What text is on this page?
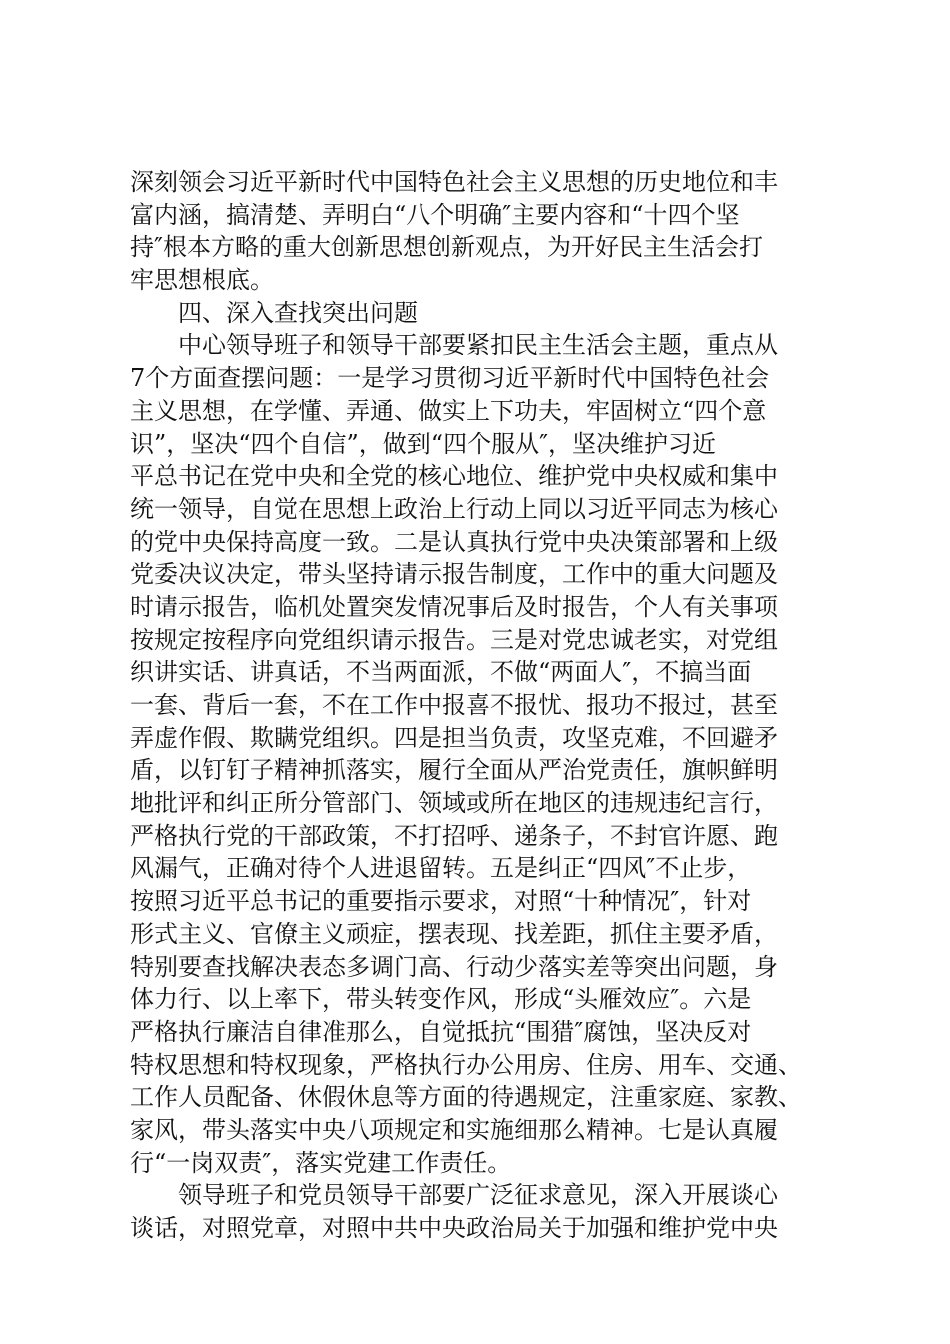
深刻领会习近平新时代中国特色社会主义思想的历史地位和丰
富内涵，搞清楚、弄明白“八个明确″主要内容和“十四个坚
持″根本方略的重大创新思想创新观点，为开好民主生活会打
牢思想根底。
四、深入查找突出问题
中心领导班子和领导干部要紧扣民主生活会主题，重点从
7个方面查摆问题：一是学习贯彻习近平新时代中国特色社会
主义思想，在学懂、弄通、做实上下功夫，牢固树立“四个意
识”，坚决“四个自信”，做到“四个服从″，坚决维护习近
平总书记在党中央和全党的核心地位、维护党中央权威和集中
统一领导，自觉在思想上政治上行动上同以习近平同志为核心
的党中央保持高度一致。二是认真执行党中央决策部署和上级
党委决议决定，带头坚持请示报告制度，工作中的重大问题及
时请示报告，临机处置突发情况事后及时报告，个人有关事项
按规定按程序向党组织请示报告。三是对党忠诚老实，对党组
织讲实话、讲真话，不当两面派，不做“两面人″，不搞当面
一套、背后一套，不在工作中报喜不报忧、报功不报过，甚至
弄虚作假、欺瞒党组织。四是担当负责，攻坚克难，不回避矛
盾，以钉钉子精神抓落实，履行全面从严治党责任，旗帜鲜明
地批评和纠正所分管部门、领域或所在地区的违规违纪言行，
严格执行党的干部政策，不打招呼、递条子，不封官许愿、跑
风漏气，正确对待个人进退留转。五是纠正“四风″不止步，
按照习近平总书记的重要指示要求，对照“十种情况″，针对
形式主义、官僚主义顽症，摆表现、找差距，抓住主要矛盾，
特别要查找解决表态多调门高、行动少落实差等突出问题，身
体力行、以上率下，带头转变作风，形成“头雁效应″。六是
严格执行廉洁自律准那么，自觉抵抗“围猎″腐蚀，坚决反对
特权思想和特权现象，严格执行办公用房、住房、用车、交通、
工作人员配备、休假休息等方面的待遇规定，注重家庭、家教、
家风，带头落实中央八项规定和实施细那么精神。七是认真履
行“一岗双责″，落实党建工作责任。
领导班子和党员领导干部要广泛征求意见，深入开展谈心
谈话，对照党章，对照中共中央政治局关于加强和维护党中央
